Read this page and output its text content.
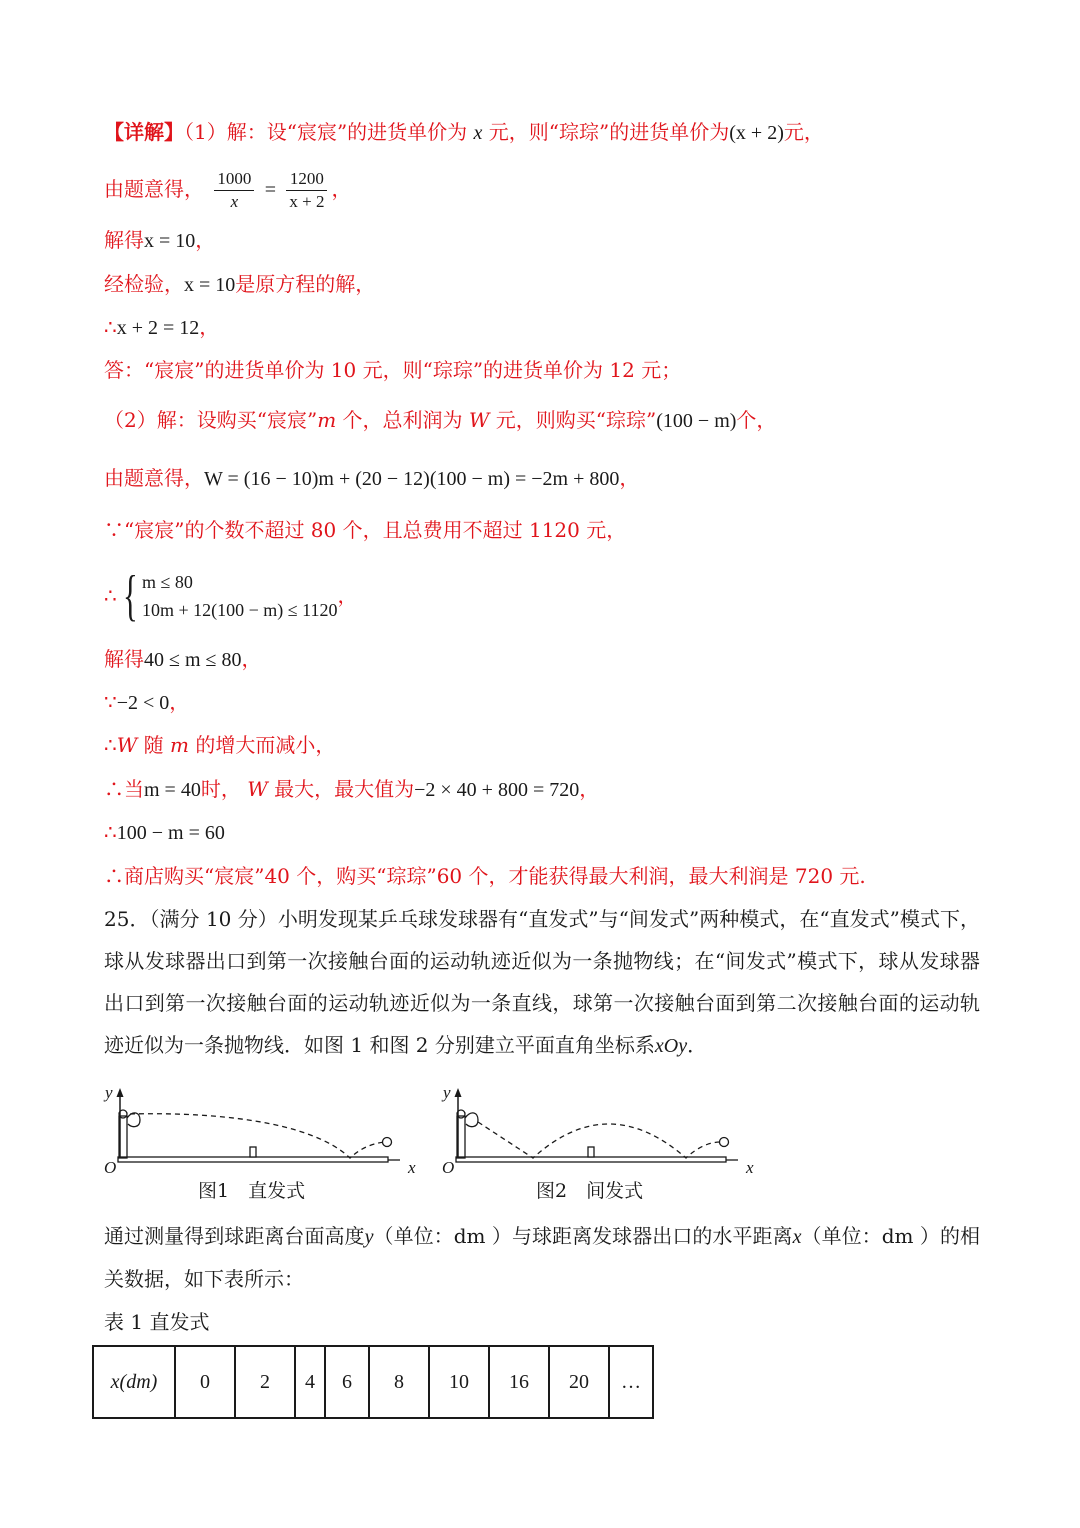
【详解】（1）解：设“宸宸”的进货单价为 x 元，则“琮琮”的进货单价为(x + 2)元，
由题意得， $\frac{1000}{x} = \frac{1200}{x + 2}$ ，
解得x = 10，
经检验，x = 10是原方程的解，
∴x + 2 = 12，
答：“宸宸”的进货单价为 10 元，则“琮琮”的进货单价为 12 元；
（2）解：设购买“宸宸”m 个，总利润为 W 元，则购买“琮琮”(100 − m)个，
由题意得，W = (16 − 10)m + (20 − 12)(100 − m) = −2m + 800，
∵“宸宸”的个数不超过 80 个，且总费用不超过 1120 元，
∴ { m ≤ 80
10m + 12(100 − m) ≤ 1120
，
解得40 ≤ m ≤ 80，
∵−2 < 0，
∴W 随 m 的增大而减小，
∴当m = 40时， W 最大，最大值为−2 × 40 + 800 = 720，
∴100 − m = 60
∴商店购买“宸宸”40 个，购买“琮琮”60 个，才能获得最大利润，最大利润是 720 元.
25．（满分 10 分）小明发现某乒乓球发球器有“直发式”与“间发式”两种模式，在“直发式”模式下，球从发球器出口到第一次接触台面的运动轨迹近似为一条抛物线；在“间发式”模式下，球从发球器出口到第一次接触台面的运动轨迹近似为一条直线，球第一次接触台面到第二次接触台面的运动轨迹近似为一条抛物线．如图 1 和图 2 分别建立平面直角坐标系xOy．
y
O	x
图1　直发式
y
O	x
图2　间发式
通过测量得到球距离台面高度y（单位：dm ）与球距离发球器出口的水平距离x（单位：dm ）的相关数据，如下表所示：
表 1 直发式
x(dm)	0	2	4	6	8	10	16	20	…
